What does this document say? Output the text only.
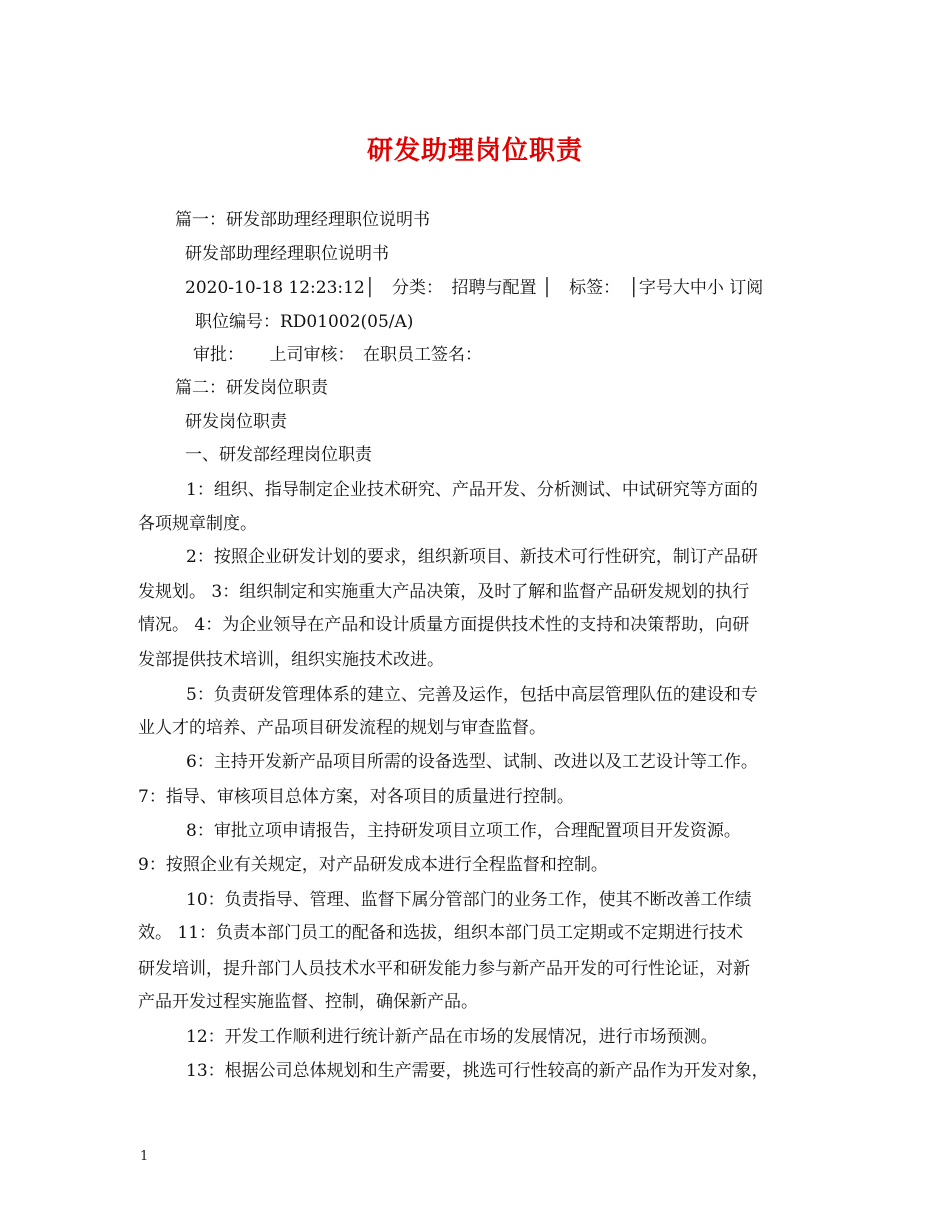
研发助理岗位职责
篇一：研发部助理经理职位说明书
研发部助理经理职位说明书
2020-10-18 12:23:12│　分类：　招聘与配置 │　标签：　│字号大中小 订阅
职位编号：RD01002(05/A)
审批：　　上司审核：　在职员工签名：
篇二：研发岗位职责
研发岗位职责
一、研发部经理岗位职责
1：组织、指导制定企业技术研究、产品开发、分析测试、中试研究等方面的
各项规章制度。
2：按照企业研发计划的要求，组织新项目、新技术可行性研究，制订产品研
发规划。 3：组织制定和实施重大产品决策，及时了解和监督产品研发规划的执行
情况。 4：为企业领导在产品和设计质量方面提供技术性的支持和决策帮助，向研
发部提供技术培训，组织实施技术改进。
5：负责研发管理体系的建立、完善及运作，包括中高层管理队伍的建设和专
业人才的培养、产品项目研发流程的规划与审查监督。
6：主持开发新产品项目所需的设备选型、试制、改进以及工艺设计等工作。
7：指导、审核项目总体方案，对各项目的质量进行控制。
8：审批立项申请报告，主持研发项目立项工作，合理配置项目开发资源。
9：按照企业有关规定，对产品研发成本进行全程监督和控制。
10：负责指导、管理、监督下属分管部门的业务工作，使其不断改善工作绩
效。 11：负责本部门员工的配备和选拔，组织本部门员工定期或不定期进行技术
研发培训，提升部门人员技术水平和研发能力参与新产品开发的可行性论证，对新
产品开发过程实施监督、控制，确保新产品。
12：开发工作顺利进行统计新产品在市场的发展情况，进行市场预测。
13：根据公司总体规划和生产需要，挑选可行性较高的新产品作为开发对象，
1
